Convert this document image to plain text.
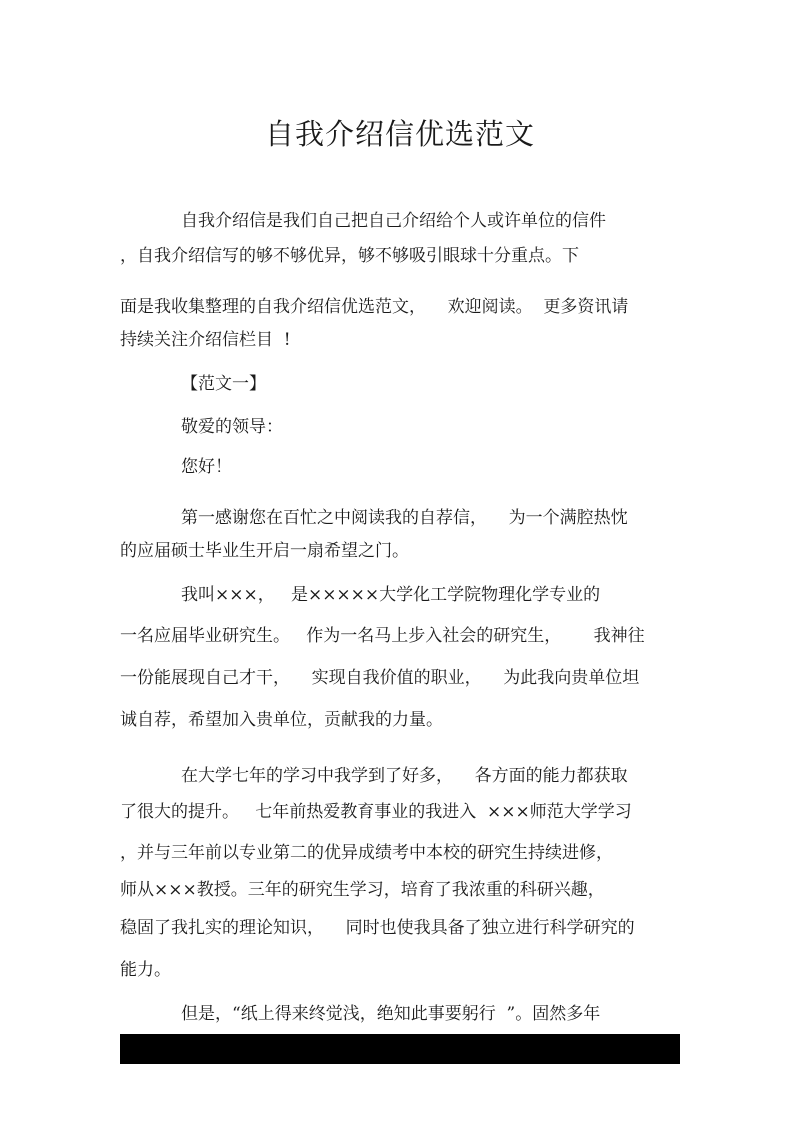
自我介绍信优选范文

自我介绍信是我们自己把自己介绍给个人或许单位的信件

，自我介绍信写的够不够优异，够不够吸引眼球十分重点。下

面是我收集整理的自我介绍信优选范文，    欢迎阅读。  更多资讯请

持续关注介绍信栏目  !

【范文一】

敬爱的领导：

您好！

第一感谢您在百忙之中阅读我的自荐信，    为一个满腔热忱

的应届硕士毕业生开启一扇希望之门。

我叫×××，   是×××××大学化工学院物理化学专业的

一名应届毕业研究生。   作为一名马上步入社会的研究生，      我神往

一份能展现自己才干，    实现自我价值的职业，    为此我向贵单位坦

诚自荐，希望加入贵单位，贡献我的力量。

在大学七年的学习中我学到了好多，    各方面的能力都获取

了很大的提升。   七年前热爱教育事业的我进入  ×××师范大学学习

，并与三年前以专业第二的优异成绩考中本校的研究生持续进修，

师从×××教授。三年的研究生学习，培育了我浓重的科研兴趣，

稳固了我扎实的理论知识，    同时也使我具备了独立进行科学研究的

能力。

但是，“纸上得来终觉浅，绝知此事要躬行  ”。固然多年
